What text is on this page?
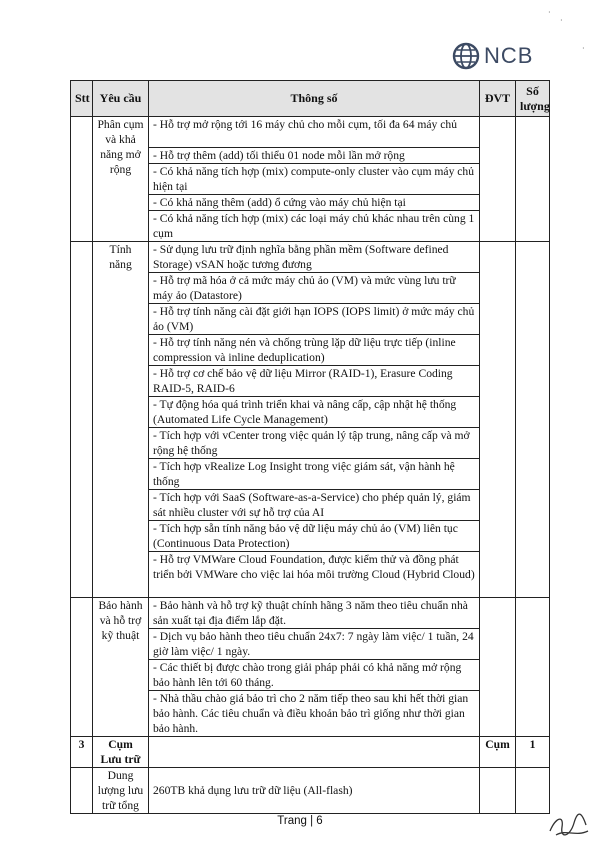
NCB
·
·
·
Stt	Yêu cầu	Thông số	ĐVT	Số lượng
	Phân cụm và khả năng mở rộng	- Hỗ trợ mở rộng tới 16 máy chủ cho mỗi cụm, tối đa 64 máy chủ		
		- Hỗ trợ thêm (add) tối thiểu 01 node mỗi lần mở rộng		
		- Có khả năng tích hợp (mix) compute-only cluster vào cụm máy chủ hiện tại		
		- Có khả năng thêm (add) ổ cứng vào máy chủ hiện tại		
		- Có khả năng tích hợp (mix) các loại máy chủ khác nhau trên cùng 1 cụm		
	Tính năng	- Sử dụng lưu trữ định nghĩa bằng phần mềm (Software defined Storage) vSAN hoặc tương đương		
		- Hỗ trợ mã hóa ở cả mức máy chủ ảo (VM) và mức vùng lưu trữ máy ảo (Datastore)		
		- Hỗ trợ tính năng cài đặt giới hạn IOPS (IOPS limit) ở mức máy chủ ảo (VM)		
		- Hỗ trợ tính năng nén và chống trùng lặp dữ liệu trực tiếp (inline compression và inline deduplication)		
		- Hỗ trợ cơ chế bảo vệ dữ liệu Mirror (RAID-1), Erasure Coding RAID-5, RAID-6		
		- Tự động hóa quá trình triển khai và nâng cấp, cập nhật hệ thống (Automated Life Cycle Management)		
		- Tích hợp với vCenter trong việc quản lý tập trung, nâng cấp và mở rộng hệ thống		
		- Tích hợp vRealize Log Insight trong việc giám sát, vận hành hệ thống		
		- Tích hợp với SaaS (Software-as-a-Service) cho phép quản lý, giám sát nhiều cluster với sự hỗ trợ của AI		
		- Tích hợp sẵn tính năng bảo vệ dữ liệu máy chủ ảo (VM) liên tục (Continuous Data Protection)		
		- Hỗ trợ VMWare Cloud Foundation, được kiểm thử và đồng phát triển bởi VMWare cho việc lai hóa môi trường Cloud (Hybrid Cloud)		
	Bảo hành và hỗ trợ kỹ thuật	- Bảo hành và hỗ trợ kỹ thuật chính hãng 3 năm theo tiêu chuẩn nhà sản xuất tại địa điểm lắp đặt.		
		- Dịch vụ bảo hành theo tiêu chuẩn 24x7: 7 ngày làm việc/ 1 tuần, 24 giờ làm việc/ 1 ngày.		
		- Các thiết bị được chào trong giải pháp phải có khả năng mở rộng bảo hành lên tới 60 tháng.		
		- Nhà thầu chào giá bảo trì cho 2 năm tiếp theo sau khi hết thời gian bảo hành. Các tiêu chuẩn và điều khoản bảo trì giống như thời gian bảo hành.		
3	Cụm Lưu trữ		Cụm	1
	Dung lượng lưu trữ tổng	260TB khả dụng lưu trữ dữ liệu (All-flash)		
Trang | 6
